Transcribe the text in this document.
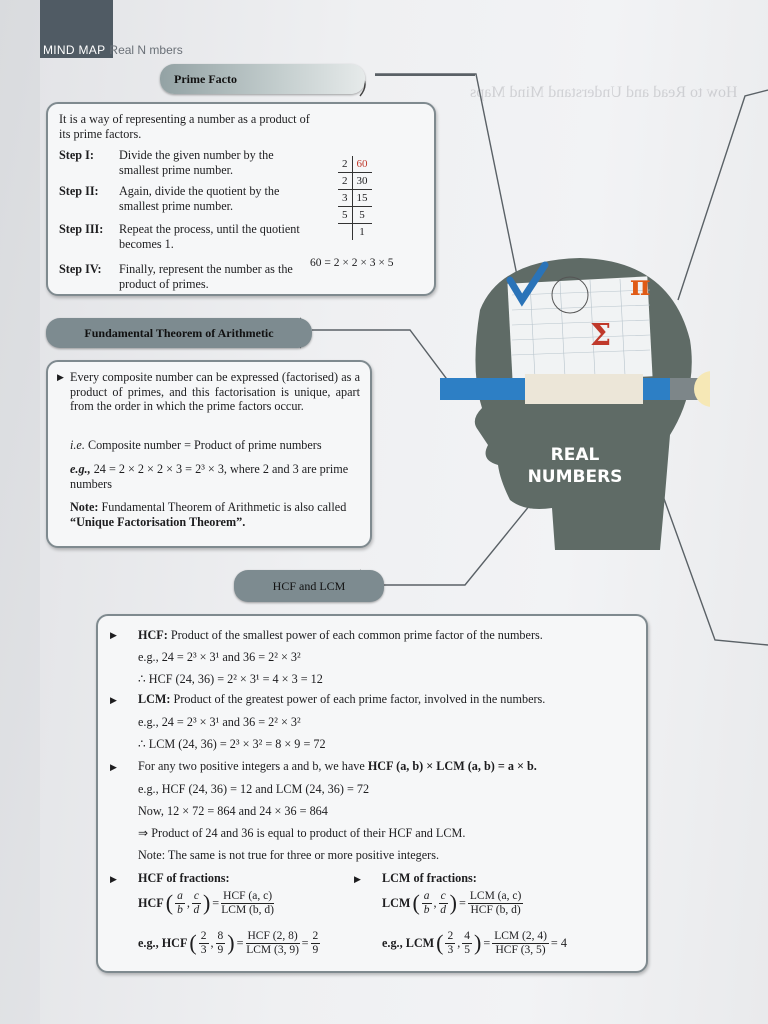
How to Read and Understand Mind Maps
MIND MAP Real N mbers
Prime Facto
It is a way of representing a number as a product of its prime factors.
Step I: Divide the given number by the smallest prime number.
Step II: Again, divide the quotient by the smallest prime number.
Step III: Repeat the process, until the quotient becomes 1.
Step IV: Finally, represent the number as the product of primes.
2	60
2	30
3	15
5	5
	1
60 = 2 × 2 × 3 × 5
Fundamental Theorem of Arithmetic
▶ Every composite number can be expressed (factorised) as a product of primes, and this factorisation is unique, apart from the order in which the prime factors occur.
i.e. Composite number = Product of prime numbers
e.g., 24 = 2 × 2 × 2 × 3 = 2³ × 3, where 2 and 3 are prime numbers
Note: Fundamental Theorem of Arithmetic is also called “Unique Factorisation Theorem”.
π
Σ
REAL
NUMBERS
HCF and LCM
▶ HCF: Product of the smallest power of each common prime factor of the numbers.
e.g., 24 = 2³ × 3¹ and 36 = 2² × 3²
∴ HCF (24, 36) = 2² × 3¹ = 4 × 3 = 12
▶ LCM: Product of the greatest power of each prime factor, involved in the numbers.
e.g., 24 = 2³ × 3¹ and 36 = 2² × 3²
∴ LCM (24, 36) = 2³ × 3² = 8 × 9 = 72
▶ For any two positive integers a and b, we have HCF (a, b) × LCM (a, b) = a × b.
e.g., HCF (24, 36) = 12 and LCM (24, 36) = 72
Now, 12 × 72 = 864 and 24 × 36 = 864
⇒ Product of 24 and 36 is equal to product of their HCF and LCM.
Note: The same is not true for three or more positive integers.
▶ HCF of fractions:	▶ LCM of fractions:
HCF ( $\frac{a}{b}$ , $\frac{c}{d}$ ) = $\frac{\text{HCF (a, c)}}{\text{LCM (b, d)}}$	LCM ( $\frac{a}{b}$ , $\frac{c}{d}$ ) = $\frac{\text{LCM (a, c)}}{\text{HCF (b, d)}}$
e.g., HCF ( $\frac{2}{3}$ , $\frac{8}{9}$ ) = $\frac{\text{HCF (2, 8)}}{\text{LCM (3, 9)}} = \frac{2}{9}$	e.g., LCM ( $\frac{2}{3}$ , $\frac{4}{5}$ ) = $\frac{\text{LCM (2, 4)}}{\text{HCF (3, 5)}} = 4$
